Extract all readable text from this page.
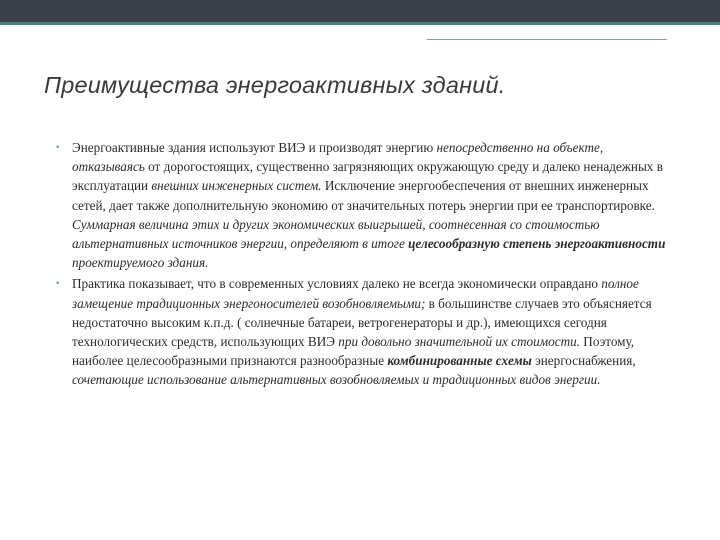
Преимущества энергоактивных зданий.

• Энергоактивные здания используют ВИЭ и производят энергию непосредственно на объекте, отказываясь от дорогостоящих, существенно загрязняющих окружающую среду и далеко ненадежных в эксплуатации внешних инженерных систем. Исключение энергообеспечения от внешних инженерных сетей, дает также дополнительную экономию от значительных потерь энергии при ее транспортировке. Суммарная величина этих и других экономических выигрышей, соотнесенная со стоимостью альтернативных источников энергии, определяют в итоге целесообразную степень энергоактивности проектируемого здания.

• Практика показывает, что в современных условиях далеко не всегда экономически оправдано полное замещение традиционных энергоносителей возобновляемыми; в большинстве случаев это объясняется недостаточно высоким к.п.д. ( солнечные батареи, ветрогенераторы и др.), имеющихся сегодня технологических средств, использующих ВИЭ при довольно значительной их стоимости. Поэтому, наиболее целесообразными признаются разнообразные комбинированные схемы энергоснабжения, сочетающие использование альтернативных возобновляемых и традиционных видов энергии.
